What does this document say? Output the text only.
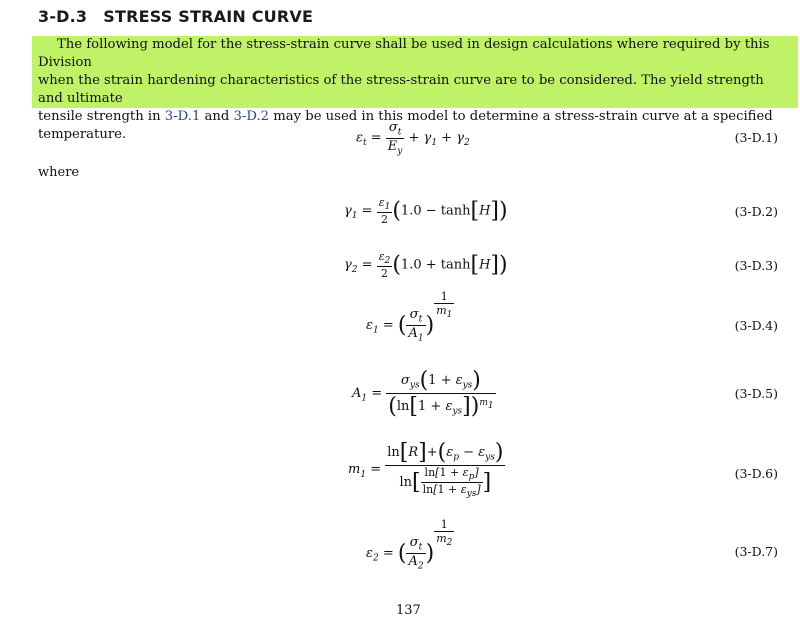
3-D.3 STRESS STRAIN CURVE
The following model for the stress-strain curve shall be used in design calculations where required by this Division
when the strain hardening characteristics of the stress-strain curve are to be considered. The yield strength and ultimate
tensile strength in 3-D.1 and 3-D.2 may be used in this model to determine a stress-strain curve at a specified
temperature.	$\varepsilon_t = \frac{\sigma_t}{E_y} + \gamma_1 + \gamma_2$	(3-D.1)
where
$\gamma_1 = \frac{\varepsilon_1}{2} (1.0 - \tanh[H])$	(3-D.2)
$\gamma_2 = \frac{\varepsilon_2}{2} (1.0 + \tanh[H])$	(3-D.3)
$\varepsilon_1$ = ( $\frac{\sigma_t}{A_1}$ )
$^{\frac{1}{m_1}}$
(3-D.4)
$A_1 = \frac{\sigma_{ys}(1 + \varepsilon_{ys})}{(\ln[1 + \varepsilon_{ys}])^{m_1}}$	(3-D.5)
$m_1 = \frac{\ln[R]+(\varepsilon_p - \varepsilon_{ys})}{\ln[ \frac{\ln[1 + \varepsilon_p]}{\ln[1 + \varepsilon_{ys}]} ]}$	(3-D.6)
$\varepsilon_2$ = ( $\frac{\sigma_t}{A_2}$ )
$^{\frac{1}{m_2}}$
(3-D.7)
137
